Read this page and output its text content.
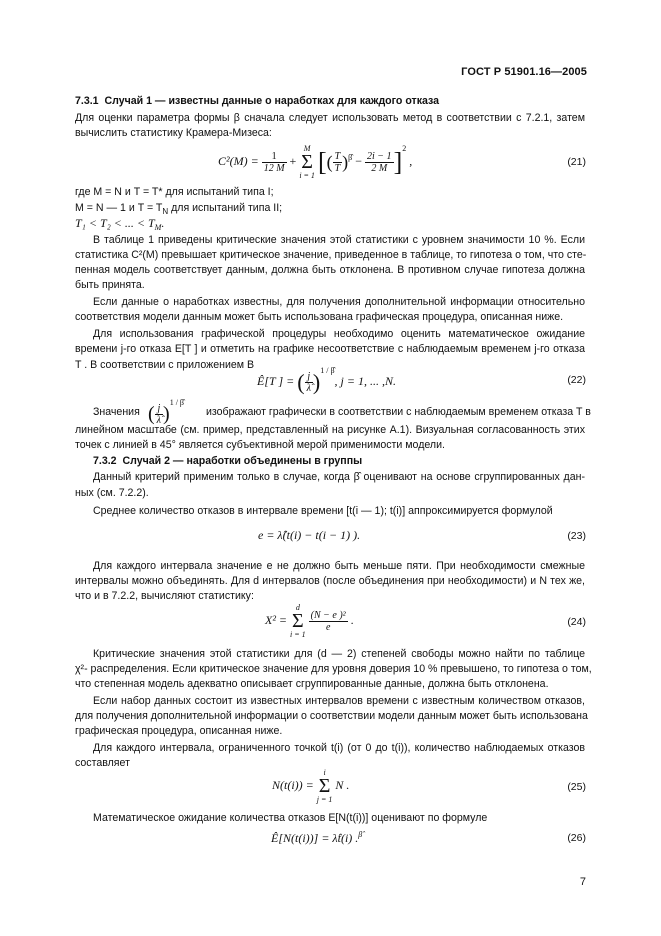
ГОСТ Р 51901.16—2005
7.3.1 Случай 1 — известны данные о наработках для каждого отказа
Для оценки параметра формы β сначала следует использовать метод в соответствии с 7.2.1, затем
вычислить статистику Крамера-Мизеса:
$C^2(M) = \frac{1}{12 M} + M$
Σ
i = 1 [( $\frac{T}{T} )^{\betâ} - \frac{2i - 1}{2 M} ]^2$ ,	(21)
где M = N и T = T* для испытаний типа I;
M = N — 1 и $T = T_N$ для испытаний типа II;
T₁ < T₂ < ... < $T_M$.
В таблице 1 приведены критические значения этой статистики с уровнем значимости 10 %. Если
статистика C²(M) превышает критическое значение, приведенное в таблице, то гипотеза о том, что сте-
пенная модель соответствует данным, должна быть отклонена. В противном случае гипотеза должна
быть принята.
Если данные о наработках известны, для получения дополнительной информации относительно
соответствия модели данным может быть использована графическая процедура, описанная ниже.
Для использования графической процедуры необходимо оценить математическое ожидание
времени j-го отказа E[T ] и отметить на графике несоответствие с наблюдаемым временем j-го отказа
T . В соответствии с приложением В
Ê[T ] = ( $\frac{j}{\lambdâ} )^{1 / \betâ}$, j = 1, ... ,N.	(22)
Значения ( $\frac{j}{\lambdâ} )^{1 / \betâ}$
изображают графически в соответствии с наблюдаемым временем отказа T в
линейном масштабе (см. пример, представленный на рисунке А.1). Визуальная согласованность этих
точек с линией в 45° является субъективной мерой применимости модели.
7.3.2 Случай 2 — наработки объединены в группы
Данный критерий применим только в случае, когда β̂ оценивают на основе сгруппированных дан-
ных (см. 7.2.2).
Среднее количество отказов в интервале времени [t(i — 1); t(i)] аппроксимируется формулой
e = λ̂(t(i) − t(i − 1) ).	(23)
Для каждого интервала значение e не должно быть меньше пяти. При необходимости смежные
интервалы можно объединять. Для d интервалов (после объединения при необходимости) и N тех же,
что и в 7.2.2, вычисляют статистику:
X² = d
Σ
i = 1
$\frac{\text{(N − e )²}}{e}$ .	(24)
Критические значения этой статистики для (d — 2) степеней свободы можно найти по таблице
χ²- распределения. Если критическое значение для уровня доверия 10 % превышено, то гипотеза о том,
что степенная модель адекватно описывает сгруппированные данные, должна быть отклонена.
Если набор данных состоит из известных интервалов времени с известным количеством отказов,
для получения дополнительной информации о соответствии модели данным может быть использована
графическая процедура, описанная ниже.
Для каждого интервала, ограниченного точкой t(i) (от 0 до t(i)), количество наблюдаемых отказов
составляет
N(t(i)) = i
Σ
j = 1 N .	(25)
Математическое ожидание количества отказов E[N(t(i))] оценивают по формуле
Ê[N(t(i))] = λ̂t(i) .$^{\betâ}$	(26)
7
